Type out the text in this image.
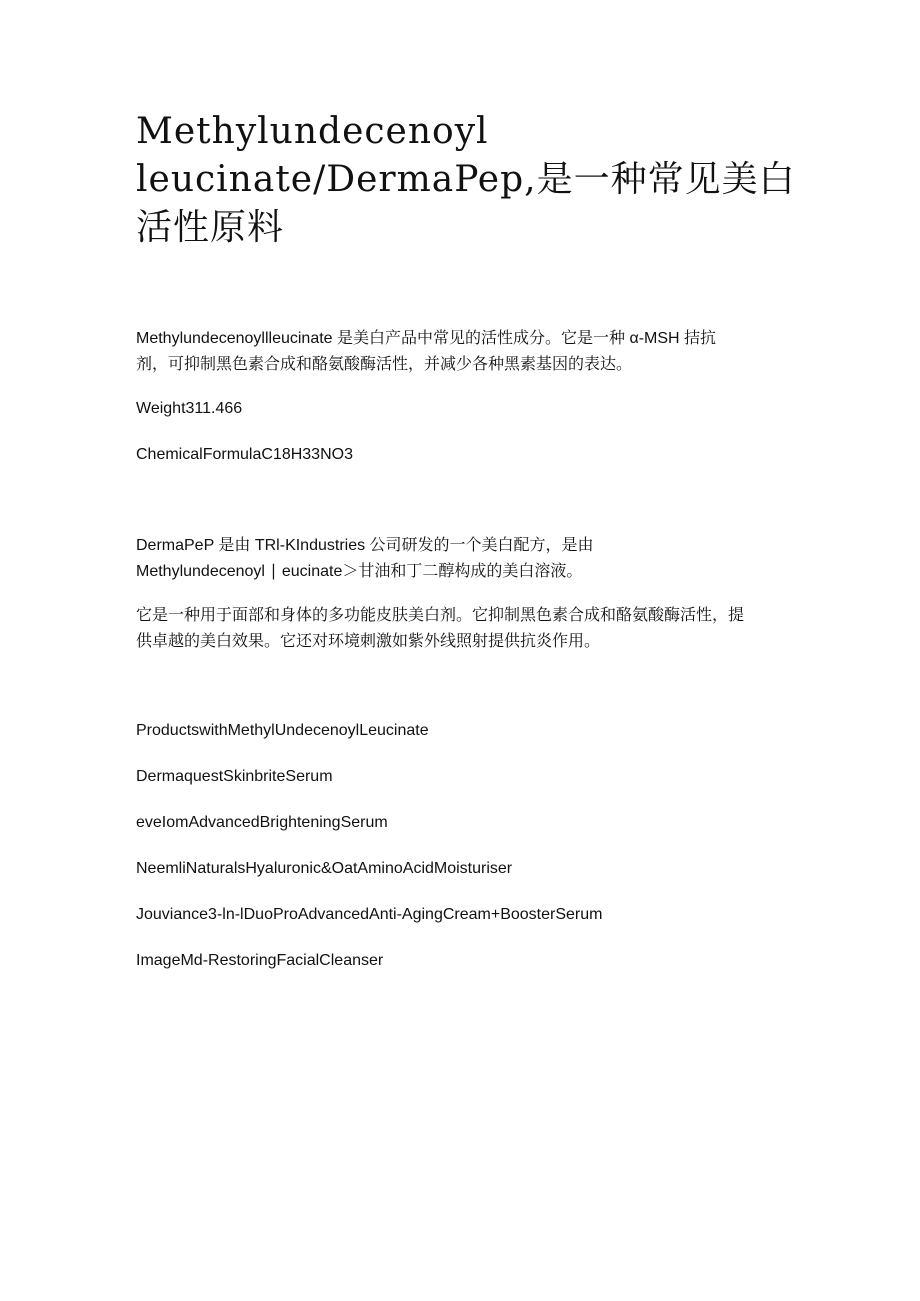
Methylundecenoyl
leucinate/DermaPep,是一种常见美白
活性原料

Methylundecenoyllleucinate 是美白产品中常见的活性成分。它是一种 α-MSH 拮抗
剂，可抑制黑色素合成和酪氨酸酶活性，并减少各种黑素基因的表达。

Weight311.466

ChemicalFormulaC18H33NO3

DermaPeP 是由 TRl-KIndustries 公司研发的一个美白配方，是由
Methylundecenoyl ∣ eucinate＞甘油和丁二醇构成的美白溶液。

它是一种用于面部和身体的多功能皮肤美白剂。它抑制黑色素合成和酪氨酸酶活性，提
供卓越的美白效果。它还对环境刺激如紫外线照射提供抗炎作用。

ProductswithMethylUndecenoylLeucinate

DermaquestSkinbriteSerum

eveIomAdvancedBrighteningSerum

NeemliNaturalsHyaluronic&OatAminoAcidMoisturiser

Jouviance3-ln-lDuoProAdvancedAnti-AgingCream+BoosterSerum

ImageMd-RestoringFacialCleanser
